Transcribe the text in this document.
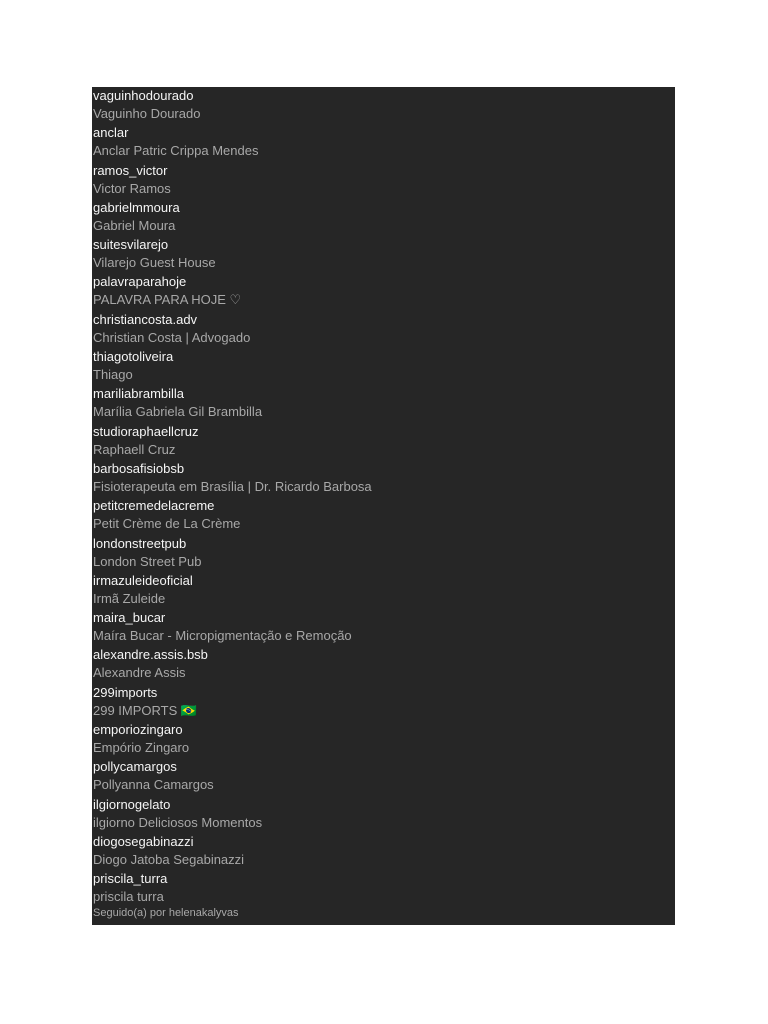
vaguinhodourado
Vaguinho Dourado
anclar
Anclar Patric Crippa Mendes
ramos_victor
Victor Ramos
gabrielmmoura
Gabriel Moura
suitesvilarejo
Vilarejo Guest House
palavraparahoje
PALAVRA PARA HOJE ♡
christiancosta.adv
Christian Costa | Advogado
thiagotoliveira
Thiago
mariliabrambilla
Marília Gabriela Gil Brambilla
studioraphaellcruz
Raphaell Cruz
barbosafisiobsb
Fisioterapeuta em Brasília | Dr. Ricardo Barbosa
petitcremedelacreme
Petit Crème de La Crème
londonstreetpub
London Street Pub
irmazuleideoficial
Irmã Zuleide
maira_bucar
Maíra Bucar - Micropigmentação e Remoção
alexandre.assis.bsb
Alexandre Assis
299imports
299 IMPORTS 🇧🇷
emporiozingaro
Empório Zingaro
pollycamargos
Pollyanna Camargos
ilgiornogelato
ilgiorno Deliciosos Momentos
diogosegabinazzi
Diogo Jatoba Segabinazzi
priscila_turra
priscila turra
Seguido(a) por helenakalyvas
